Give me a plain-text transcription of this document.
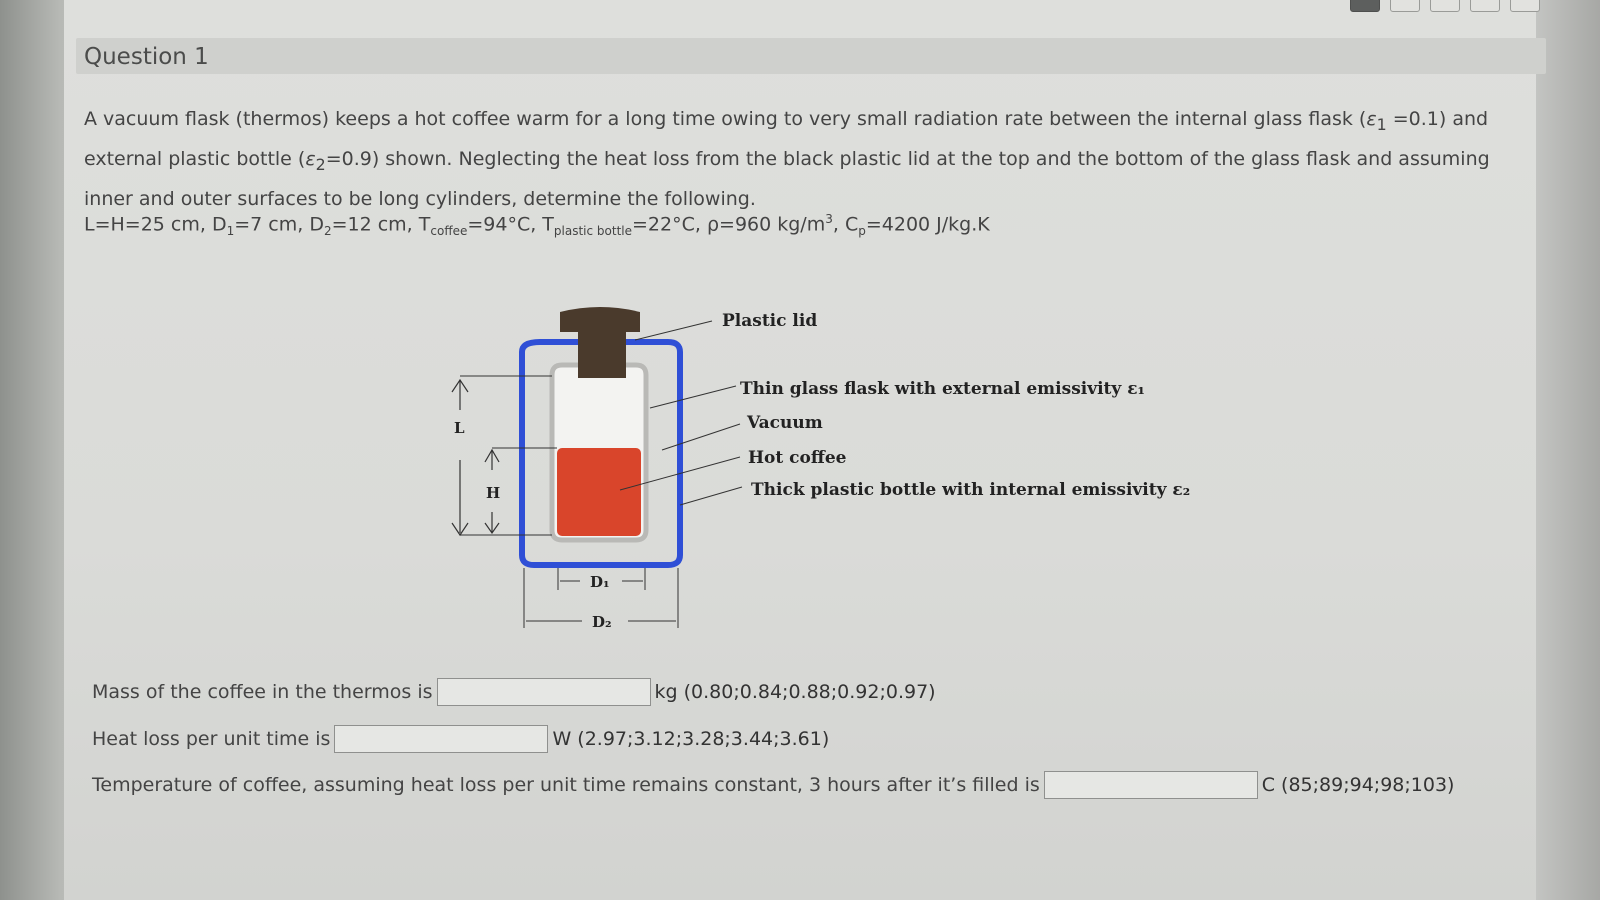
Question 1
A vacuum flask (thermos) keeps a hot coffee warm for a long time owing to very small radiation rate between the internal glass flask $(\varepsilon_1 =0.1)$ and external plastic bottle $(\varepsilon_2=0.9)$ shown. Neglecting the heat loss from the black plastic lid at the top and the bottom of the glass flask and assuming inner and outer surfaces to be long cylinders, determine the following.
L=H=25 cm, $D_1=7$ cm, $D_2=12$ cm, $T_{coffee}=94^\circ C$, $T_{plastic bottle}=22^\circ C$, ρ=960 $kg/m^3$, $C_p=4200$ J/kg.K
L
H
D₁
D₂
Plastic lid
Thin glass flask with external emissivity ε₁
Vacuum
Hot coffee
Thick plastic bottle with internal emissivity ε₂
Mass of the coffee in the thermos is	kg (0.80;0.84;0.88;0.92;0.97)
Heat loss per unit time is	W (2.97;3.12;3.28;3.44;3.61)
Temperature of coffee, assuming heat loss per unit time remains constant, 3 hours after it’s filled is	C (85;89;94;98;103)
